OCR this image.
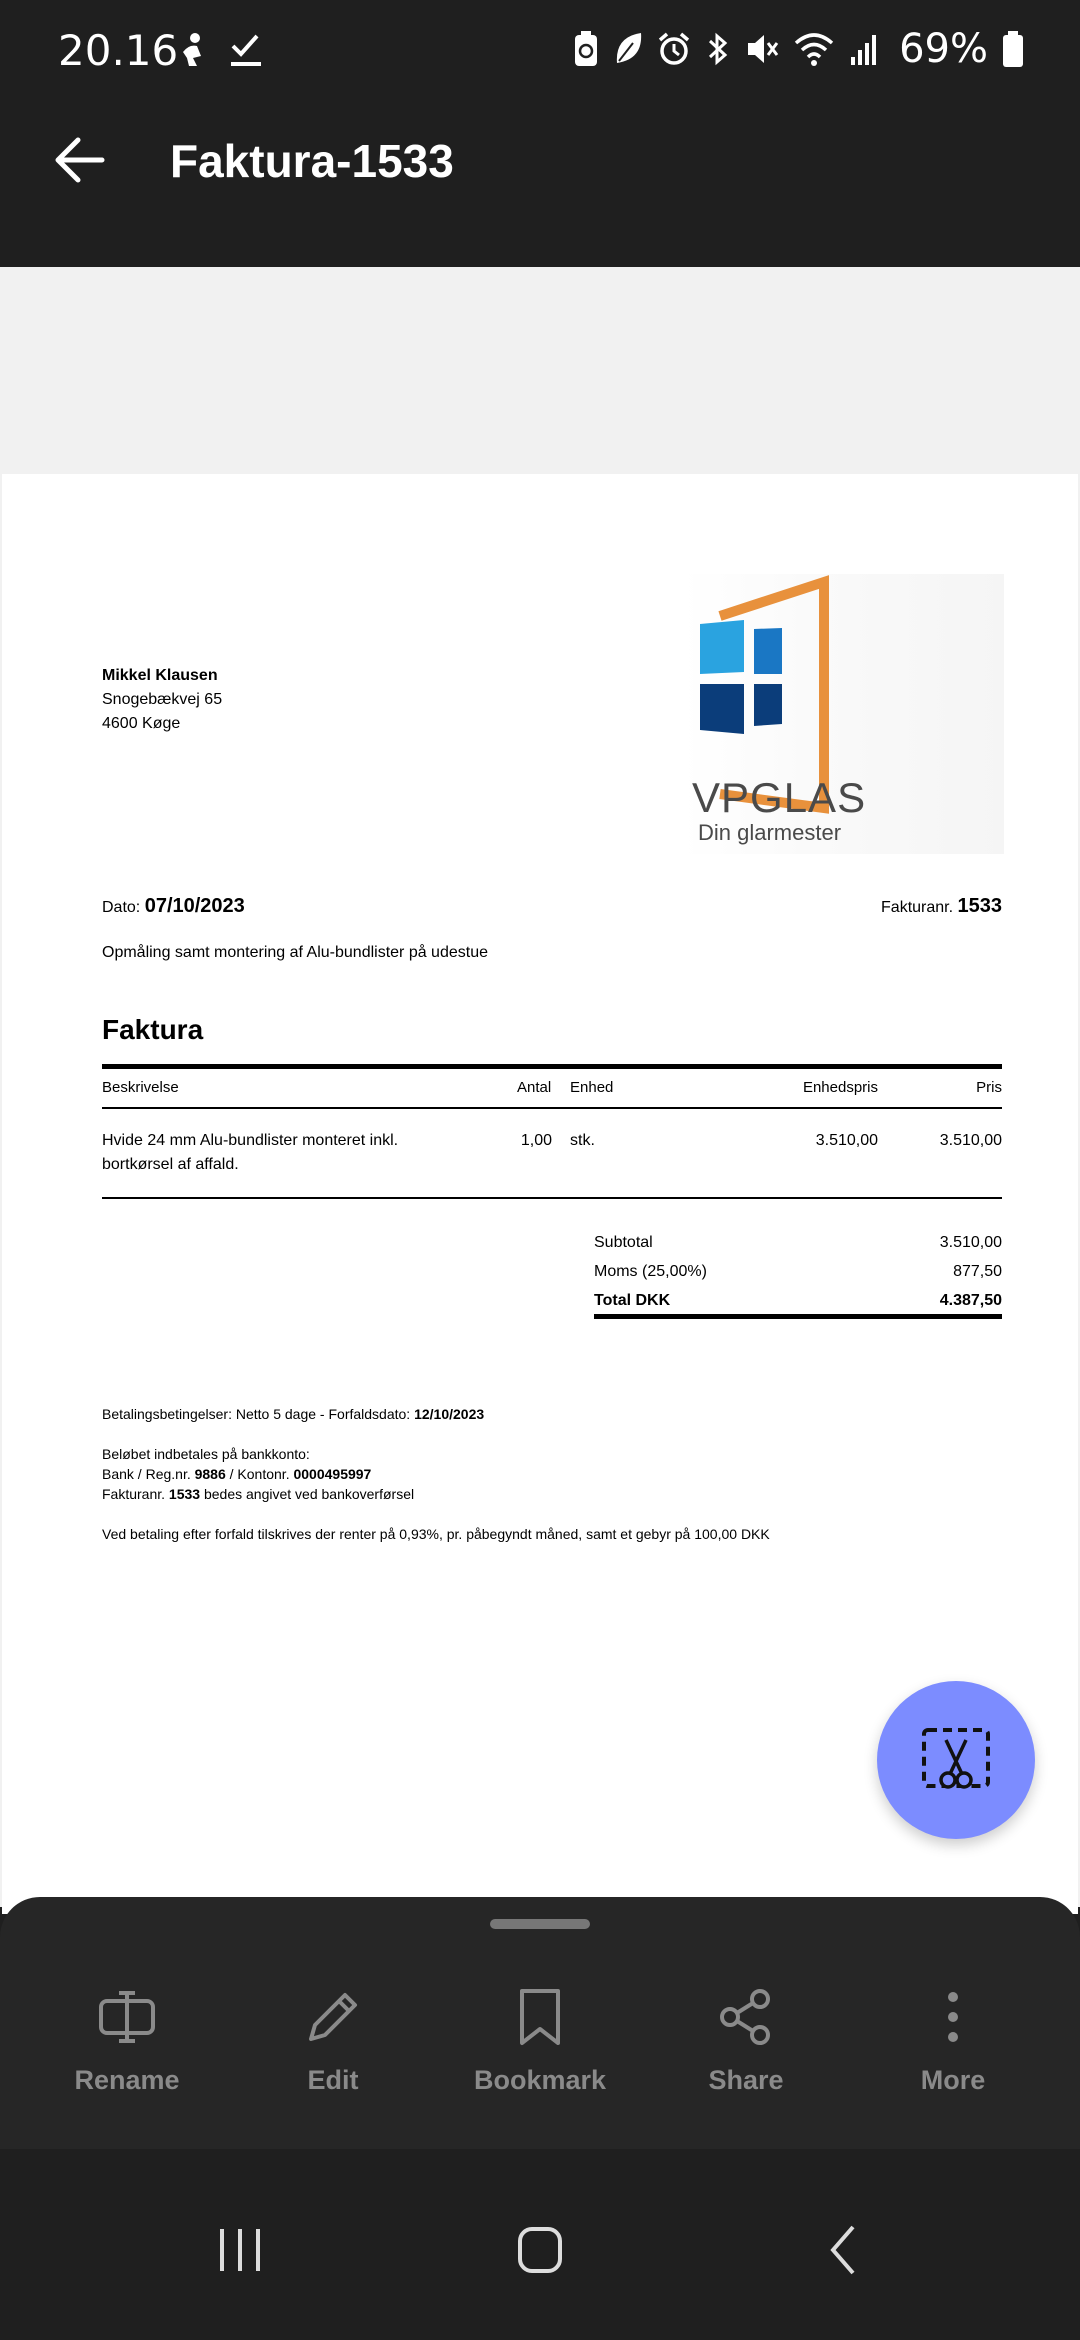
20.16	69%
Faktura-1533
Mikkel Klausen
Snogebækvej 65
4600 Køge
VPGLAS
Din glarmester
Dato: 07/10/2023	Fakturanr. 1533
Opmåling samt montering af Alu-bundlister på udestue
Faktura
Beskrivelse	Antal Enhed	Enhedspris	Pris
Hvide 24 mm Alu-bundlister monteret inkl.
bortkørsel af affald.
1,00 stk.	3.510,00	3.510,00
Subtotal	3.510,00
Moms (25,00%)	877,50
Total DKK	4.387,50
Betalingsbetingelser: Netto 5 dage - Forfaldsdato: 12/10/2023
Beløbet indbetales på bankkonto:
Bank / Reg.nr. 9886 / Kontonr. 0000495997
Fakturanr. 1533 bedes angivet ved bankoverførsel
Ved betaling efter forfald tilskrives der renter på 0,93%, pr. påbegyndt måned, samt et gebyr på 100,00 DKK
Rename	Edit	Bookmark	Share	More
